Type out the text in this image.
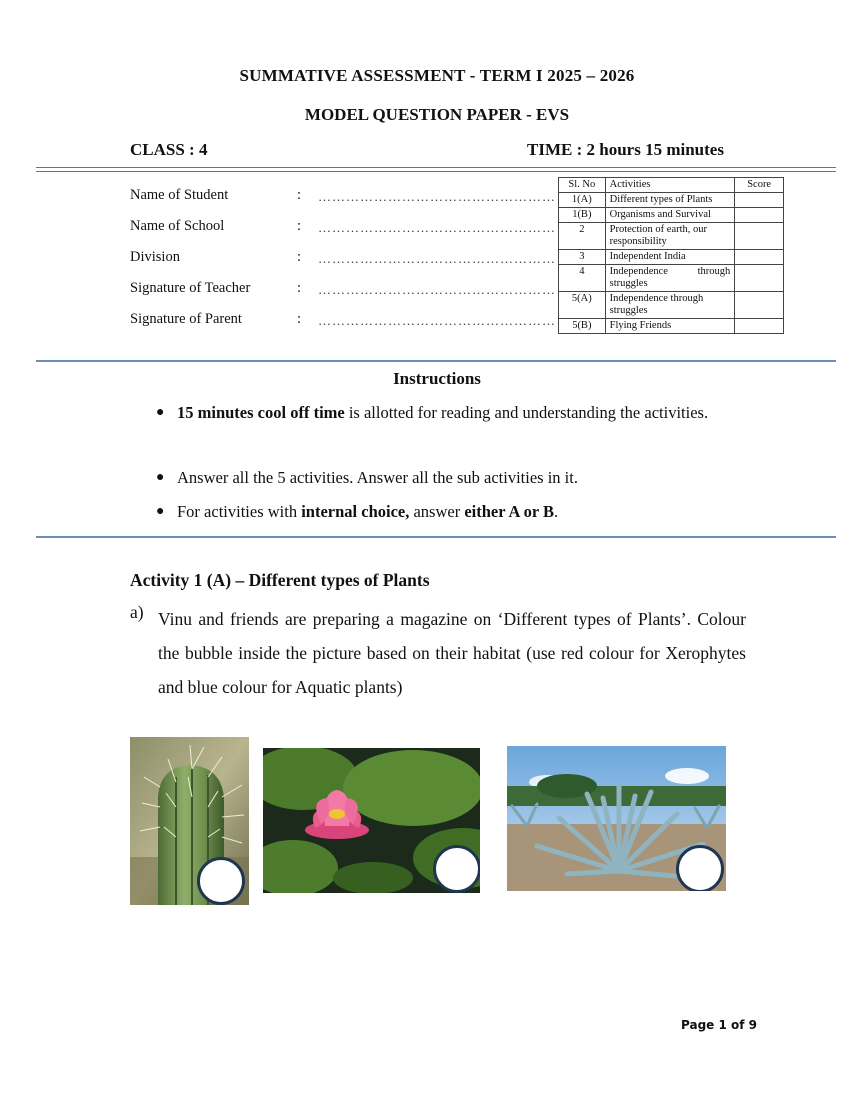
SUMMATIVE ASSESSMENT - TERM I 2025 – 2026
MODEL QUESTION PAPER - EVS
CLASS : 4	TIME : 2 hours 15 minutes
Name of Student	: ……………………………………………
Name of School	: ……………………………………………
Division	: ……………………………………………
Signature of Teacher	: ……………………………………………
Signature of Parent	: ……………………………………………
Sl. No	Activities	Score
1(A)	Different types of Plants	
1(B)	Organisms and Survival	
2	Protection of earth, our responsibility	
3	Independent India	
4	Independence through struggles	
5(A)	Independence through struggles	
5(B)	Flying Friends	
Instructions
● 15 minutes cool off time is allotted for reading and understanding the activities.
● Answer all the 5 activities. Answer all the sub activities in it.
● For activities with internal choice, answer either A or B.
Activity 1 (A) – Different types of Plants
a) Vinu and friends are preparing a magazine on ‘Different types of Plants’. Colour the bubble inside the picture based on their habitat (use red colour for Xerophytes and blue colour for Aquatic plants)
Page 1 of 9
